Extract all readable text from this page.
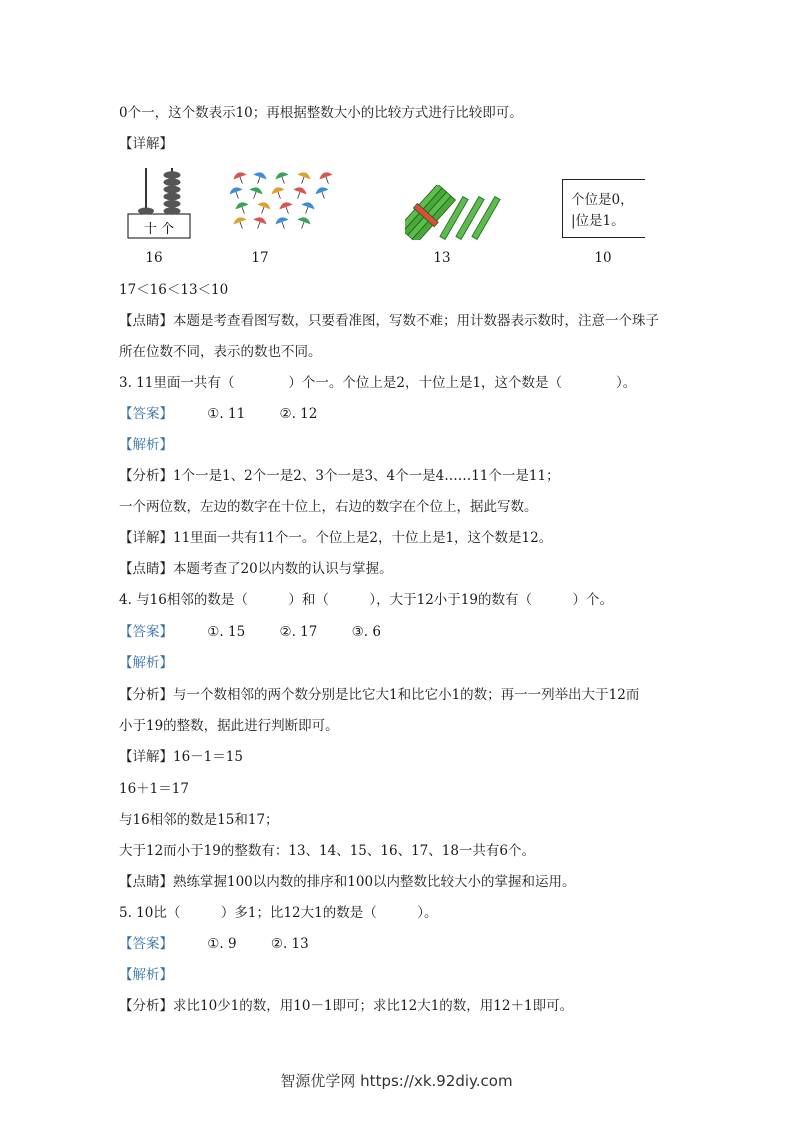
0个一，这个数表示10；再根据整数大小的比较方式进行比较即可。
【详解】
十 个
16	17	13
个位是0，
|位是1。
10
17＜16＜13＜10
【点睛】本题是考查看图写数，只要看准图，写数不难；用计数器表示数时，注意一个珠子
所在位数不同，表示的数也不同。
3. 11里面一共有（　　　　）个一。个位上是2，十位上是1，这个数是（　　　　）。
【答案】	①. 11	②. 12
【解析】
【分析】1个一是1、2个一是2、3个一是3、4个一是4……11个一是11；
一个两位数，左边的数字在十位上，右边的数字在个位上，据此写数。
【详解】11里面一共有11个一。个位上是2，十位上是1，这个数是12。
【点睛】本题考查了20以内数的认识与掌握。
4. 与16相邻的数是（　　　）和（　　　），大于12小于19的数有（　　　）个。
【答案】	①. 15	②. 17	③. 6
【解析】
【分析】与一个数相邻的两个数分别是比它大1和比它小1的数；再一一列举出大于12而
小于19的整数，据此进行判断即可。
【详解】16－1＝15
16＋1＝17
与16相邻的数是15和17；
大于12而小于19的整数有：13、14、15、16、17、18一共有6个。
【点睛】熟练掌握100以内数的排序和100以内整数比较大小的掌握和运用。
5. 10比（　　　）多1；比12大1的数是（　　　）。
【答案】	①. 9	②. 13
【解析】
【分析】求比10少1的数，用10－1即可；求比12大1的数，用12＋1即可。
智源优学网 https://xk.92diy.com
